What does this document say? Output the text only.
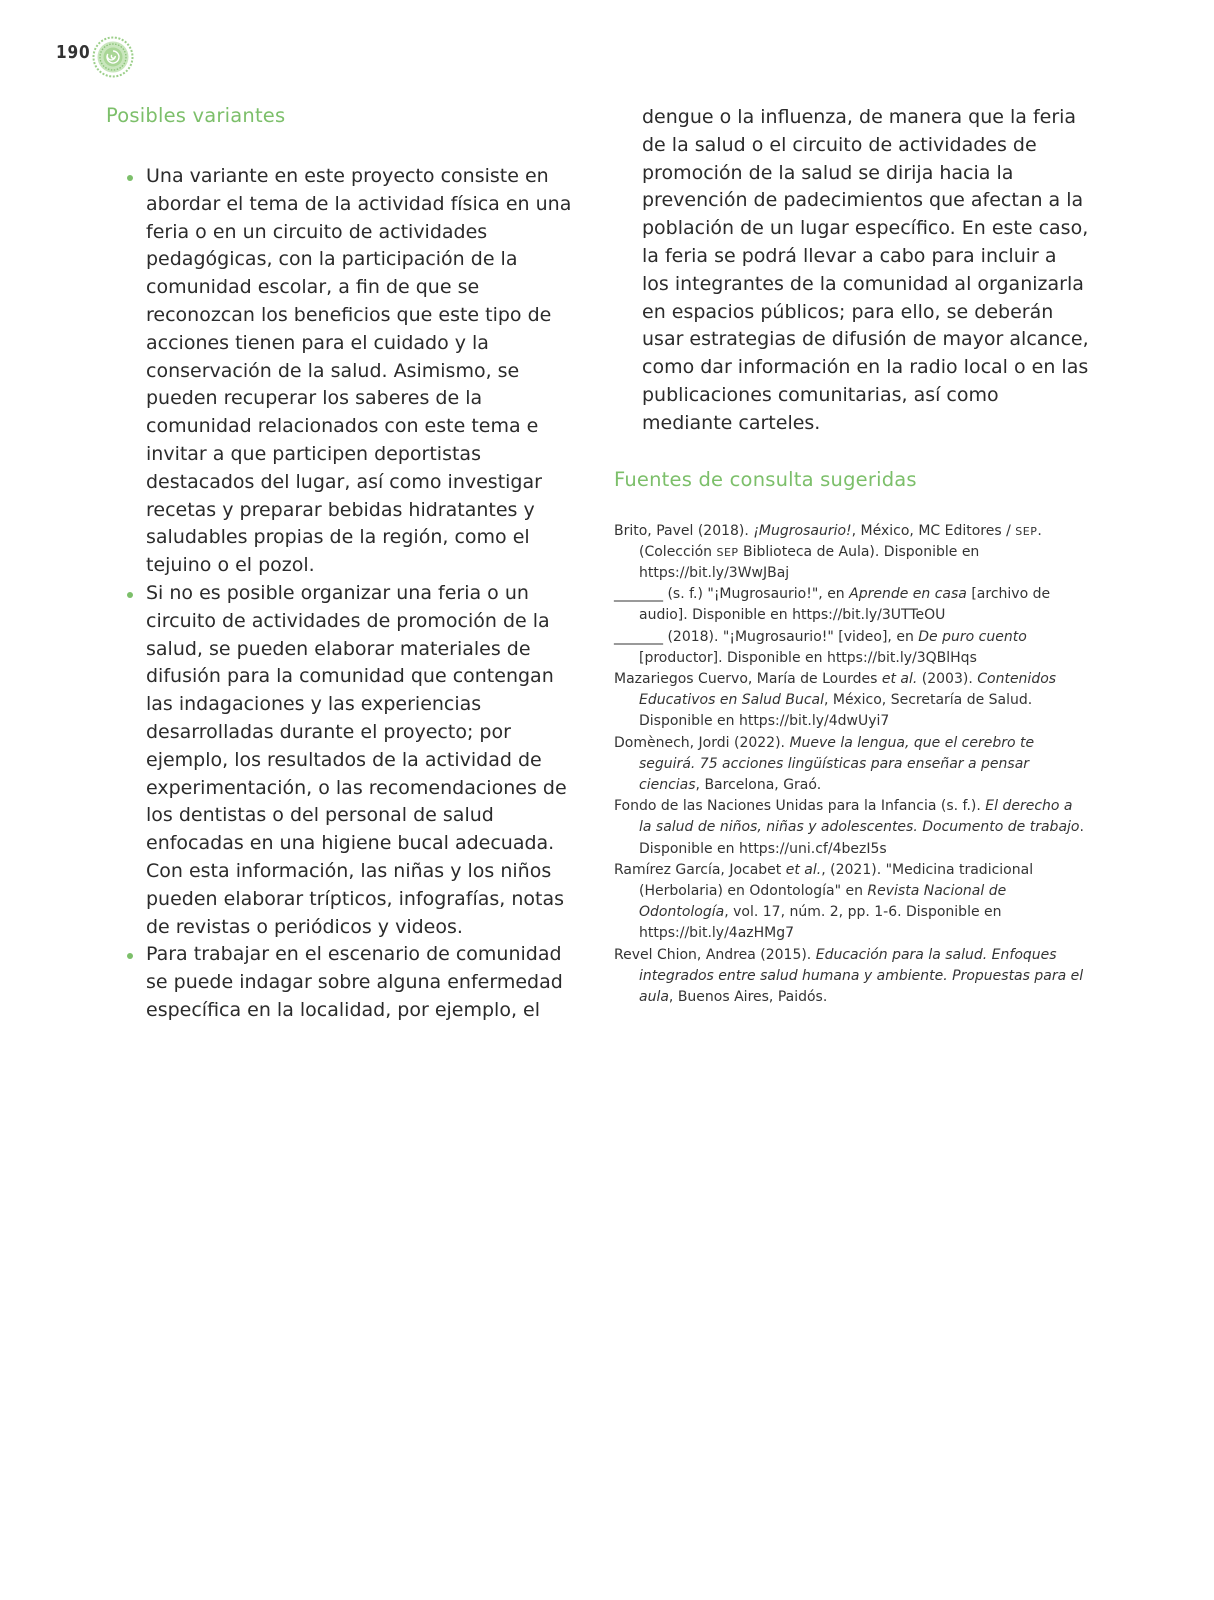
190
Posibles variantes
Una variante en este proyecto consiste en abordar el tema de la actividad física en una feria o en un circuito de actividades pedagógicas, con la participación de la comunidad escolar, a fin de que se reconozcan los beneficios que este tipo de acciones tienen para el cuidado y la conservación de la salud. Asimismo, se pueden recuperar los saberes de la comunidad relacionados con este tema e invitar a que participen deportistas destacados del lugar, así como investigar recetas y preparar bebidas hidratantes y saludables propias de la región, como el tejuino o el pozol.
Si no es posible organizar una feria o un circuito de actividades de promoción de la salud, se pueden elaborar materiales de difusión para la comunidad que contengan las indagaciones y las experiencias desarrolladas durante el proyecto; por ejemplo, los resultados de la actividad de experimentación, o las recomendaciones de los dentistas o del personal de salud enfocadas en una higiene bucal adecuada. Con esta información, las niñas y los niños pueden elaborar trípticos, infografías, notas de revistas o periódicos y videos.
Para trabajar en el escenario de comunidad se puede indagar sobre alguna enfermedad específica en la localidad, por ejemplo, el

dengue o la influenza, de manera que la feria de la salud o el circuito de actividades de promoción de la salud se dirija hacia la prevención de padecimientos que afectan a la población de un lugar específico. En este caso, la feria se podrá llevar a cabo para incluir a los integrantes de la comunidad al organizarla en espacios públicos; para ello, se deberán usar estrategias de difusión de mayor alcance, como dar información en la radio local o en las publicaciones comunitarias, así como mediante carteles.

Fuentes de consulta sugeridas

Brito, Pavel (2018). ¡Mugrosaurio!, México, MC Editores / SEP. (Colección SEP Biblioteca de Aula). Disponible en https://bit.ly/3WwJBaj

_______ (s. f.) "¡Mugrosaurio!", en Aprende en casa [archivo de audio]. Disponible en https://bit.ly/3UTTeOU

_______ (2018). "¡Mugrosaurio!" [video], en De puro cuento [productor]. Disponible en https://bit.ly/3QBlHqs

Mazariegos Cuervo, María de Lourdes et al. (2003). Contenidos Educativos en Salud Bucal, México, Secretaría de Salud. Disponible en https://bit.ly/4dwUyi7

Domènech, Jordi (2022). Mueve la lengua, que el cerebro te seguirá. 75 acciones lingüísticas para enseñar a pensar ciencias, Barcelona, Graó.

Fondo de las Naciones Unidas para la Infancia (s. f.). El derecho a la salud de niños, niñas y adolescentes. Documento de trabajo. Disponible en https://uni.cf/4bezI5s

Ramírez García, Jocabet et al., (2021). "Medicina tradicional (Herbolaria) en Odontología" en Revista Nacional de Odontología, vol. 17, núm. 2, pp. 1-6. Disponible en https://bit.ly/4azHMg7

Revel Chion, Andrea (2015). Educación para la salud. Enfoques integrados entre salud humana y ambiente. Propuestas para el aula, Buenos Aires, Paidós.
